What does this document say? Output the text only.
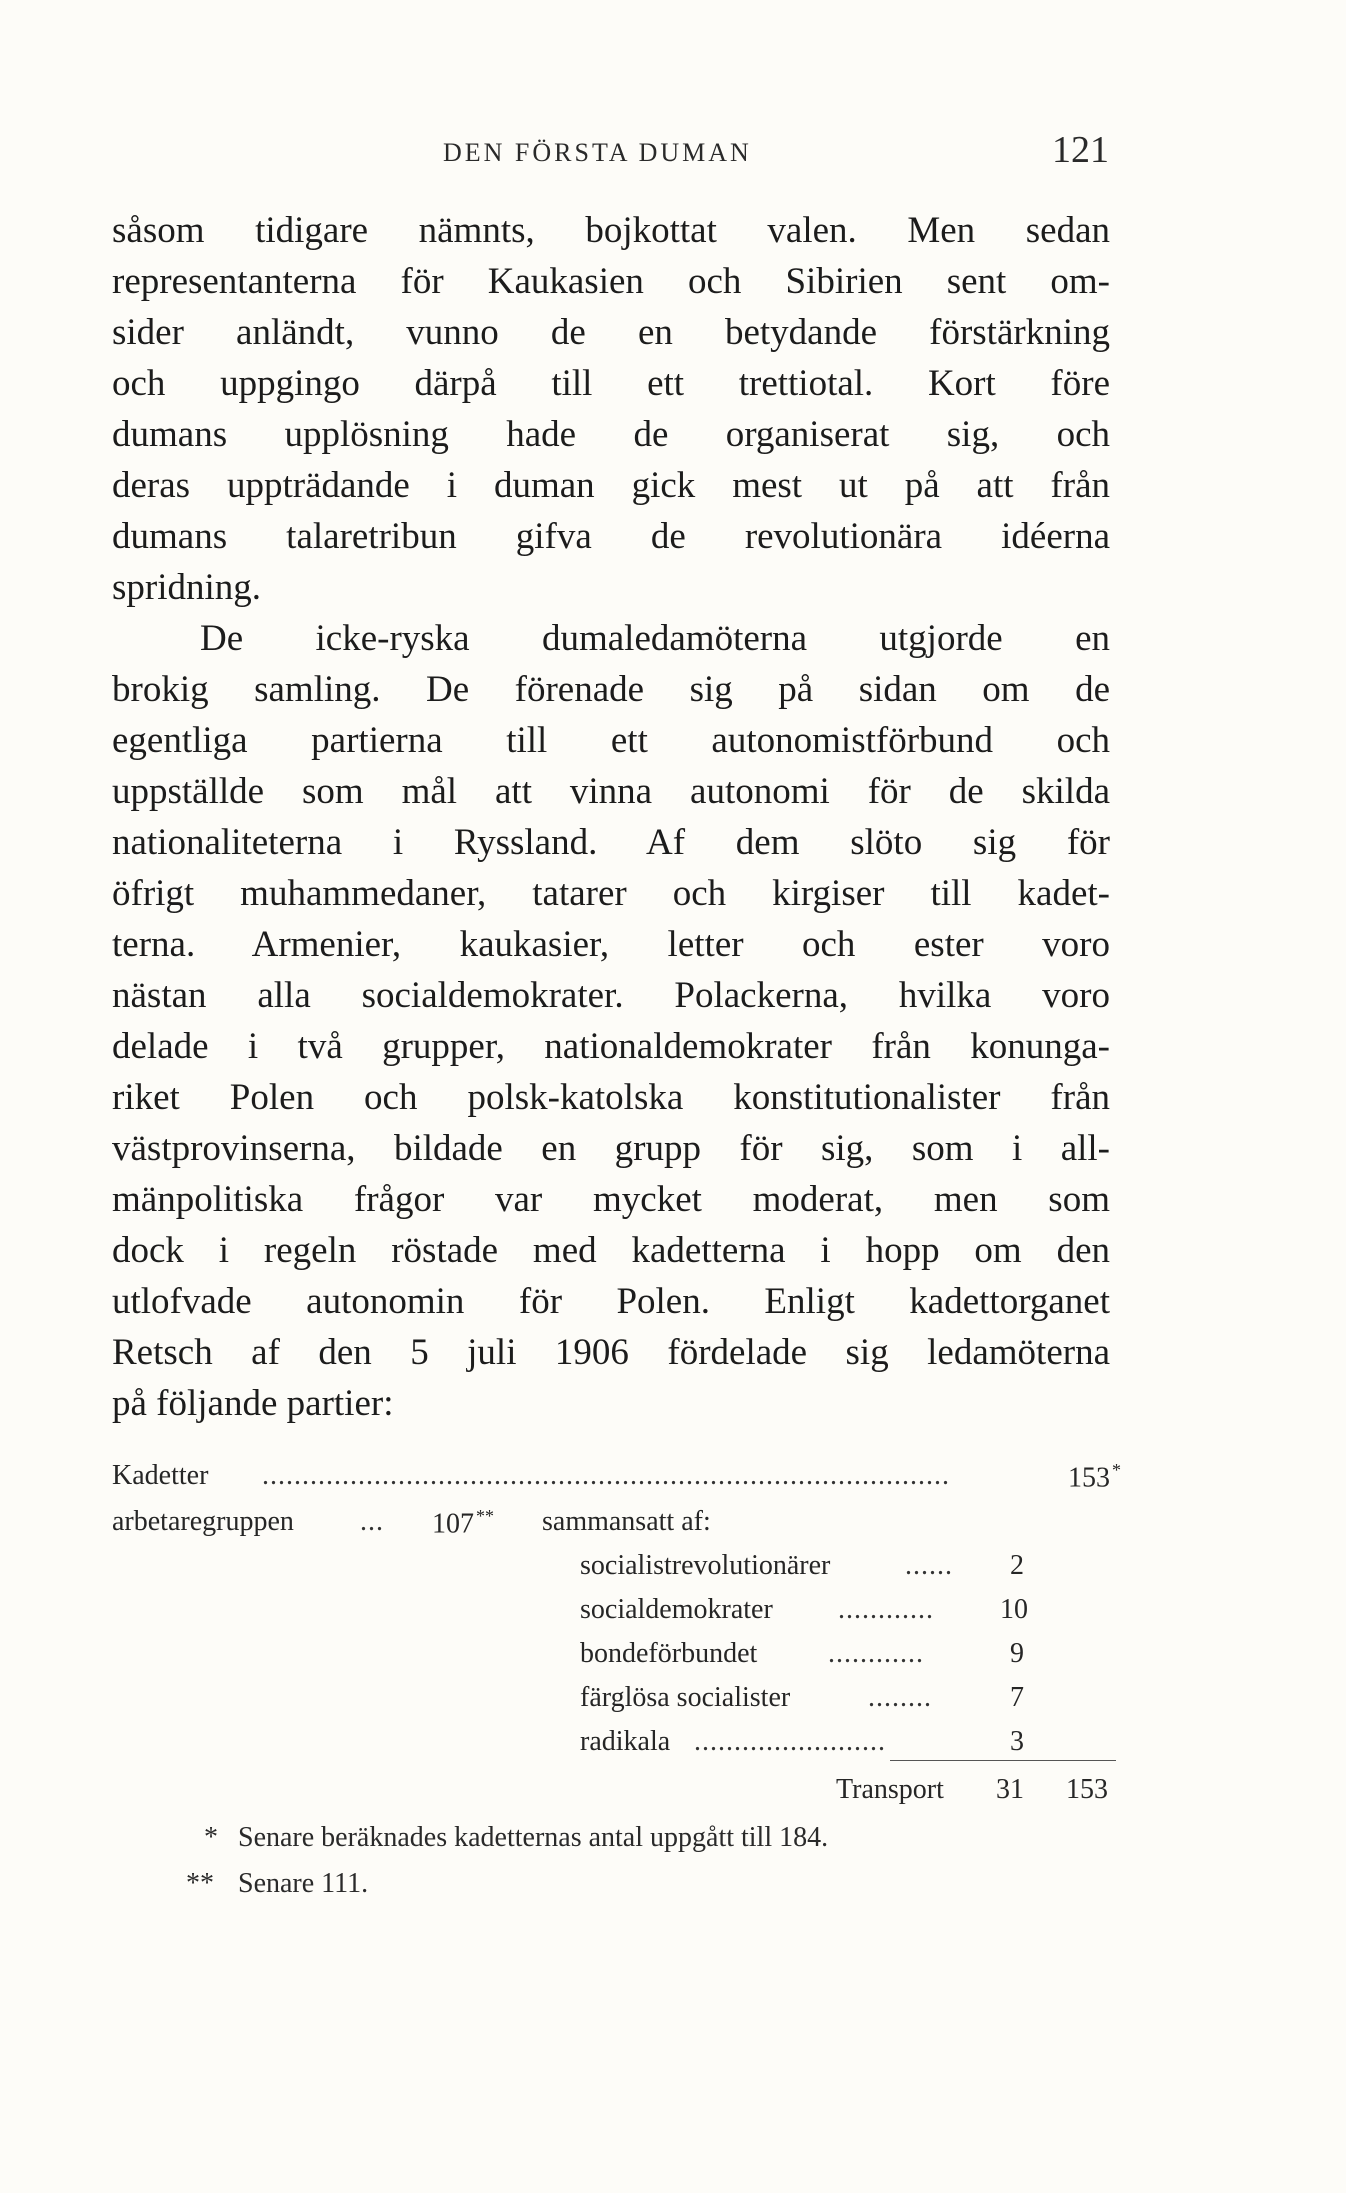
DEN FÖRSTA DUMAN	121
såsom tidigare nämnts, bojkottat valen. Men sedan
representanterna för Kaukasien och Sibirien sent om-
sider anländt, vunno de en betydande förstärkning
och uppgingo därpå till ett trettiotal. Kort före
dumans upplösning hade de organiserat sig, och
deras uppträdande i duman gick mest ut på att från
dumans talaretribun gifva de revolutionära idéerna
spridning.
De icke-ryska dumaledamöterna utgjorde en
brokig samling. De förenade sig på sidan om de
egentliga partierna till ett autonomistförbund och
uppställde som mål att vinna autonomi för de skilda
nationaliteterna i Ryssland. Af dem slöto sig för
öfrigt muhammedaner, tatarer och kirgiser till kadet-
terna. Armenier, kaukasier, letter och ester voro
nästan alla socialdemokrater. Polackerna, hvilka voro
delade i två grupper, nationaldemokrater från konunga-
riket Polen och polsk-katolska konstitutionalister från
västprovinserna, bildade en grupp för sig, som i all-
mänpolitiska frågor var mycket moderat, men som
dock i regeln röstade med kadetterna i hopp om den
utlofvade autonomin för Polen. Enligt kadettorganet
Retsch af den 5 juli 1906 fördelade sig ledamöterna
på följande partier:
Kadetter ......................................................................................	153 *
arbetaregruppen ... 107 ** sammansatt af:
socialistrevolutionärer	...... 2
socialdemokrater ............ 10
bondeförbundet	............	9
färglösa socialister	........	7
radikala ........................	3
Transport 31 153
* Senare beräknades kadetternas antal uppgått till 184.
** Senare 111.
